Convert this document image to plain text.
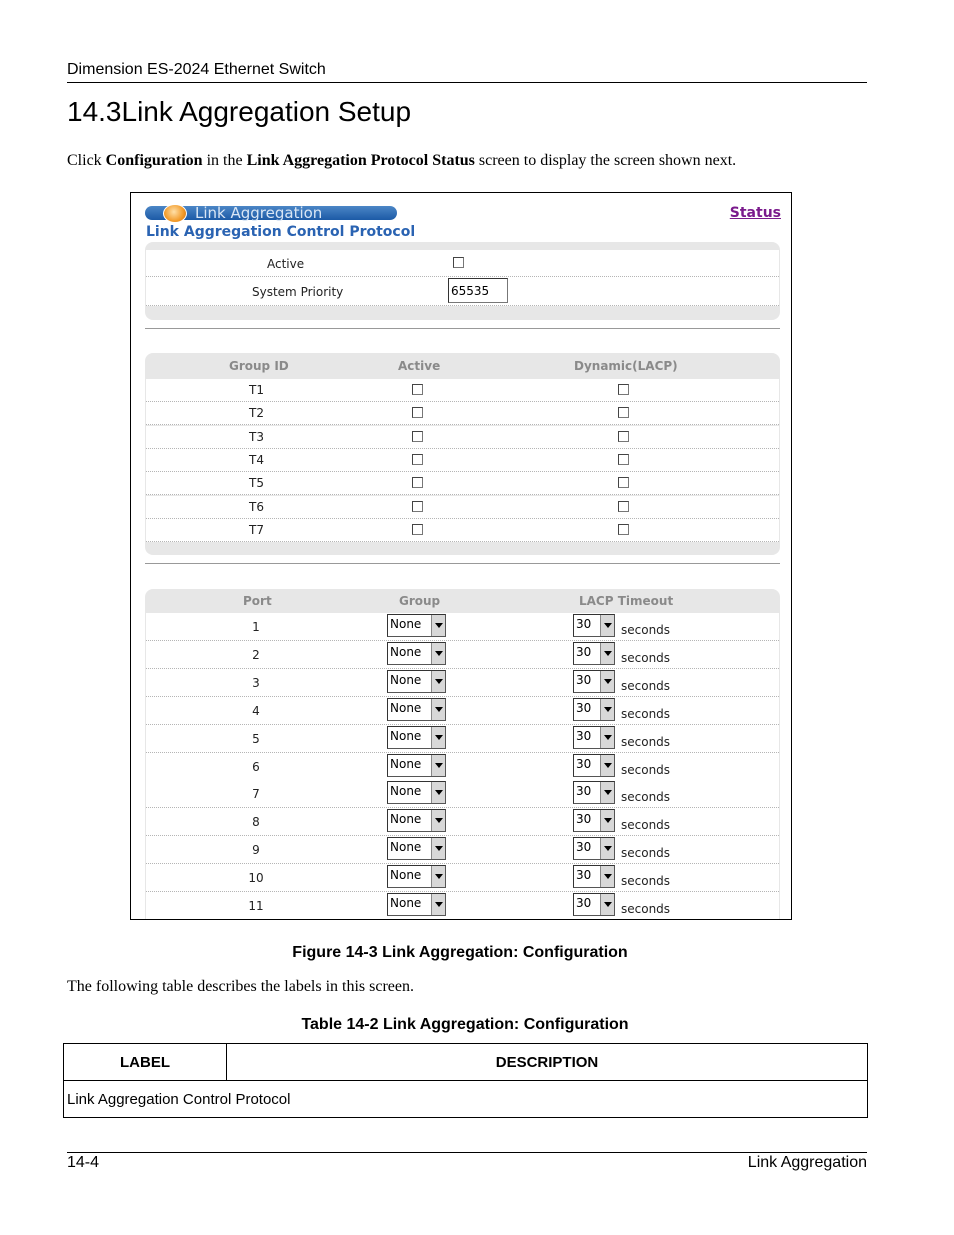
Dimension ES-2024 Ethernet Switch
14.3Link Aggregation Setup
Click Configuration in the Link Aggregation Protocol Status screen to display the screen shown next.
Link Aggregation	Status
Link Aggregation Control Protocol
Active
System Priority
65535
Group ID	Active	Dynamic(LACP)
T1
T2
T3
T4
T5
T6
T7
Port	Group	LACP Timeout
1	None	30 seconds
2	None	30 seconds
3	None	30 seconds
4	None	30 seconds
5	None	30 seconds
6	None	30 seconds
7	None	30 seconds
8	None	30 seconds
9	None	30 seconds
10	None	30 seconds
11	None	30 seconds
Figure 14-3 Link Aggregation: Configuration
The following table describes the labels in this screen.
Table 14-2 Link Aggregation: Configuration
LABEL	DESCRIPTION
Link Aggregation Control Protocol
14-4	Link Aggregation
